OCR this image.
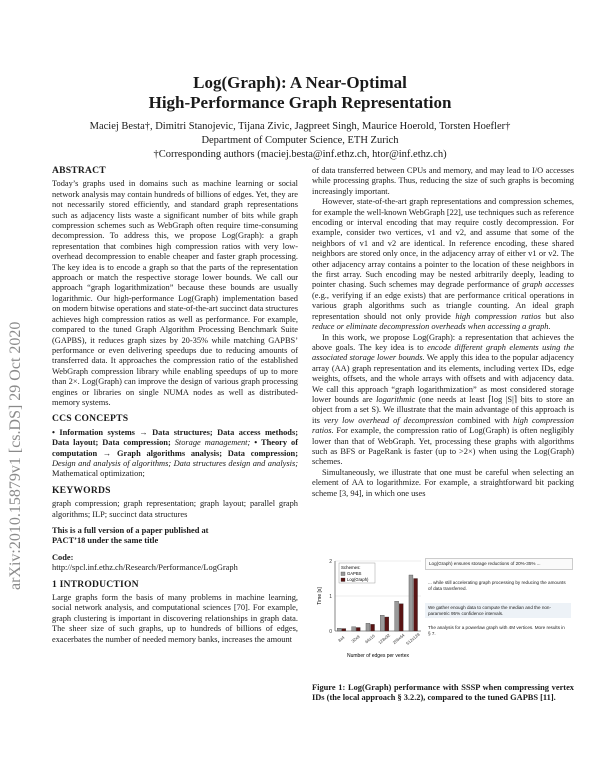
arXiv:2010.15879v1 [cs.DS] 29 Oct 2020
Log(Graph): A Near-Optimal
High-Performance Graph Representation
Maciej Besta†, Dimitri Stanojevic, Tijana Zivic, Jagpreet Singh, Maurice Hoerold, Torsten Hoefler†
Department of Computer Science, ETH Zurich
†Corresponding authors (maciej.besta@inf.ethz.ch, htor@inf.ethz.ch)
ABSTRACT

Today’s graphs used in domains such as machine learning or social network analysis may contain hundreds of billions of edges. Yet, they are not necessarily stored efficiently, and standard graph representations such as adjacency lists waste a significant number of bits while graph compression schemes such as WebGraph often require time-consuming decompression. To address this, we propose Log(Graph): a graph representation that combines high compression ratios with very low-overhead decompression to enable cheaper and faster graph processing. The key idea is to encode a graph so that the parts of the representation approach or match the respective storage lower bounds. We call our approach “graph logarithmization” because these bounds are usually logarithmic. Our high-performance Log(Graph) implementation based on modern bitwise operations and state-of-the-art succinct data structures achieves high compression ratios as well as performance. For example, compared to the tuned Graph Algorithm Processing Benchmark Suite (GAPBS), it reduces graph sizes by 20-35% while matching GAPBS’ performance or even delivering speedups due to reducing amounts of transferred data. It approaches the compression ratio of the established WebGraph compression library while enabling speedups of up to more than 2×. Log(Graph) can improve the design of various graph processing engines or libraries on single NUMA nodes as well as distributed-memory systems.

CCS CONCEPTS

• Information systems → Data structures; Data access methods; Data layout; Data compression; Storage management; • Theory of computation → Graph algorithms analysis; Data compression; Design and analysis of algorithms; Data structures design and analysis; Mathematical optimization;

KEYWORDS

graph compression; graph representation; graph layout; parallel graph algorithms; ILP; succinct data structures

This is a full version of a paper published at
PACT’18 under the same title

Code:

http://spcl.inf.ethz.ch/Research/Performance/LogGraph

1 INTRODUCTION

Large graphs form the basis of many problems in machine learning, social network analysis, and computational sciences [70]. For example, graph clustering is important in discovering relationships in graph data. The sheer size of such graphs, up to hundreds of billions of edges, exacerbates the number of needed memory banks, increases the amount

of data transferred between CPUs and memory, and may lead to I/O accesses while processing graphs. Thus, reducing the size of such graphs is becoming increasingly important.

However, state-of-the-art graph representations and compression schemes, for example the well-known WebGraph [22], use techniques such as reference encoding or interval encoding that may require costly decompression. For example, consider two vertices, v1 and v2, and assume that some of the neighbors of v1 and v2 are identical. In reference encoding, these shared neighbors are stored only once, in the adjacency array of either v1 or v2. The other adjacency array contains a pointer to the location of these neighbors in the first array. Such encoding may be nested arbitrarily deeply, leading to pointer chasing. Such schemes may degrade performance of graph accesses (e.g., verifying if an edge exists) that are performance critical operations in various graph algorithms such as triangle counting. An ideal graph representation should not only provide high compression ratios but also reduce or eliminate decompression overheads when accessing a graph.

In this work, we propose Log(Graph): a representation that achieves the above goals. The key idea is to encode different graph elements using the associated storage lower bounds. We apply this idea to the popular adjacency array (AA) graph representation and its elements, including vertex IDs, edge weights, offsets, and the whole arrays with offsets and with adjacency data. We call this approach “graph logarithmization” as most considered storage lower bounds are logarithmic (one needs at least ⌈log |S|⌉ bits to store an object from a set S). We illustrate that the main advantage of this approach is its very low overhead of decompression combined with high compression ratios. For example, the compression ratio of Log(Graph) is often negligibly lower than that of WebGraph. Yet, processing these graphs with algorithms such as BFS or PageRank is faster (up to >2×) when using the Log(Graph) schemes.

Simultaneously, we illustrate that one must be careful when selecting an element of AA to logarithmize. For example, a straightforward bit packing scheme [3, 94], in which one uses

0
1
2
Time [s]
8x4 32x8 64x16 128x32 256x64 512x128
Number of edges per vertex
Schemes:
GAPBS
Log(Graph)
Log(Graph) ensures storage reductions of 20%-35% ...
... while still accelerating graph processing by reducing the amounts of data transferred.
We gather enough data to compute the median and the non-parametric 95% confidence intervals.
The analysis for a powerlaw graph with 4M vertices. More results in § 7.
Figure 1: Log(Graph) performance with SSSP when compressing vertex IDs (the local approach § 3.2.2), compared to the tuned GAPBS [11].
